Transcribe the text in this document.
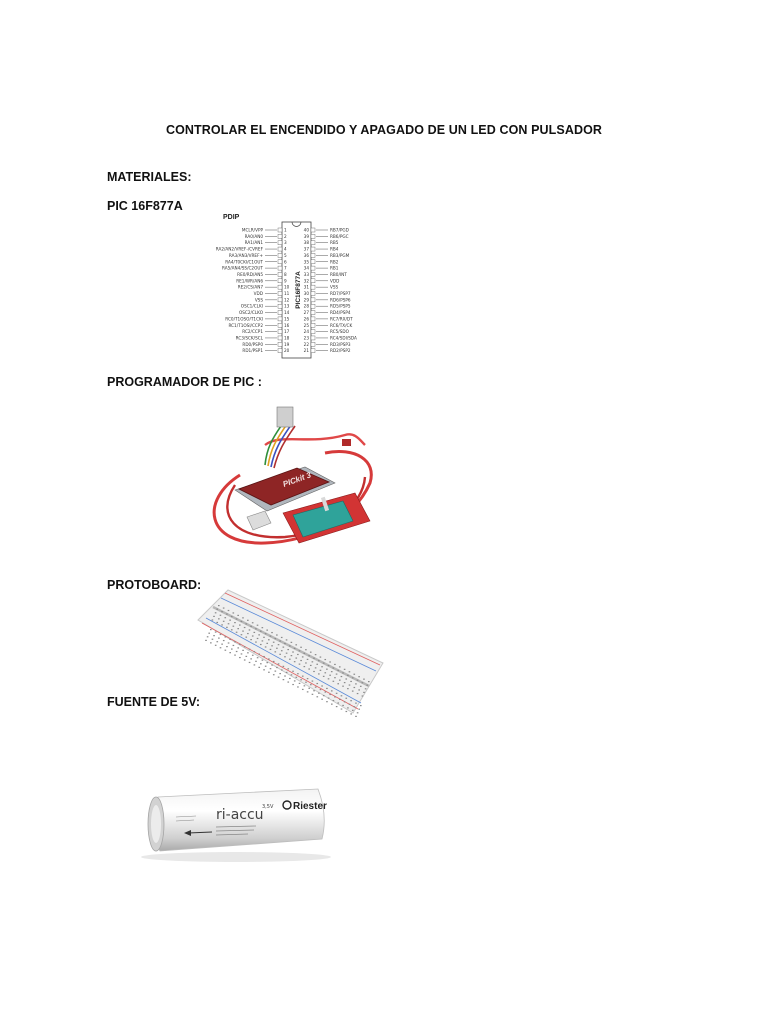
CONTROLAR EL ENCENDIDO Y APAGADO DE UN LED CON PULSADOR
MATERIALES:
PIC 16F877A
PDIP
PIC16F877A
MCLR/VPP	1
RA0/AN0	2
RA1/AN1	3
RA2/AN2/VREF-/CVREF	4
RA3/AN3/VREF+	5
RA4/T0CKI/C1OUT	6
RA5/AN4/SS/C2OUT	7
RE0/RD/AN5	8
RE1/WR/AN6	9
RE2/CS/AN7	10
VDD	11
VSS	12
OSC1/CLKI	13
OSC2/CLKO	14
RC0/T1OSO/T1CKI	15
RC1/T1OSI/CCP2	16
RC2/CCP1	17
RC3/SCK/SCL	18
RD0/PSP0	19
RD1/PSP1	20
40	RB7/PGD
39	RB6/PGC
38	RB5
37	RB4
36	RB3/PGM
35	RB2
34	RB1
33	RB0/INT
32	VDD
31	VSS
30	RD7/PSP7
29	RD6/PSP6
28	RD5/PSP5
27	RD4/PSP4
26	RC7/RX/DT
25	RC6/TX/CK
24	RC5/SDO
23	RC4/SDI/SDA
22	RD3/PSP3
21	RD2/PSP2
PROGRAMADOR DE PIC :
PICkit 3
PROTOBOARD:
FUENTE DE 5V:
ri-accu
3,5V Riester
